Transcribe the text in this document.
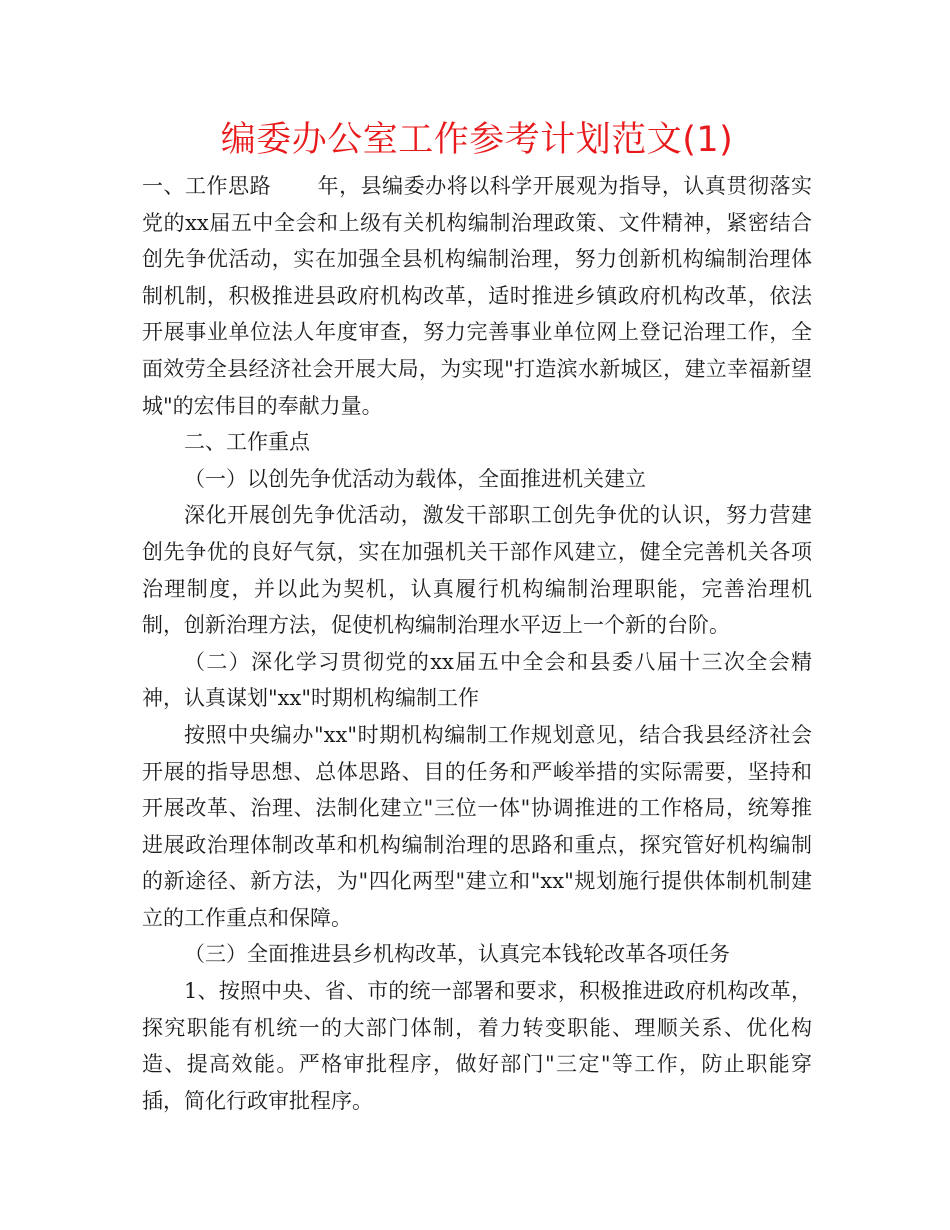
编委办公室工作参考计划范文(1)

一、工作思路 年，县编委办将以科学开展观为指导，认真贯彻落实党的xx届五中全会和上级有关机构编制治理政策、文件精神，紧密结合创先争优活动，实在加强全县机构编制治理，努力创新机构编制治理体制机制，积极推进县政府机构改革，适时推进乡镇政府机构改革，依法开展事业单位法人年度审查，努力完善事业单位网上登记治理工作，全面效劳全县经济社会开展大局，为实现"打造滨水新城区，建立幸福新望城"的宏伟目的奉献力量。

二、工作重点

（一）以创先争优活动为载体，全面推进机关建立

深化开展创先争优活动，激发干部职工创先争优的认识，努力营建创先争优的良好气氛，实在加强机关干部作风建立，健全完善机关各项治理制度，并以此为契机，认真履行机构编制治理职能，完善治理机制，创新治理方法，促使机构编制治理水平迈上一个新的台阶。

（二）深化学习贯彻党的xx届五中全会和县委八届十三次全会精神，认真谋划"xx"时期机构编制工作

按照中央编办"xx"时期机构编制工作规划意见，结合我县经济社会开展的指导思想、总体思路、目的任务和严峻举措的实际需要，坚持和开展改革、治理、法制化建立"三位一体"协调推进的工作格局，统筹推进展政治理体制改革和机构编制治理的思路和重点，探究管好机构编制的新途径、新方法，为"四化两型"建立和"xx"规划施行提供体制机制建立的工作重点和保障。

（三）全面推进县乡机构改革，认真完本钱轮改革各项任务

1、按照中央、省、市的统一部署和要求，积极推进政府机构改革，探究职能有机统一的大部门体制，着力转变职能、理顺关系、优化构造、提高效能。严格审批程序，做好部门"三定"等工作，防止职能穿插，简化行政审批程序。
